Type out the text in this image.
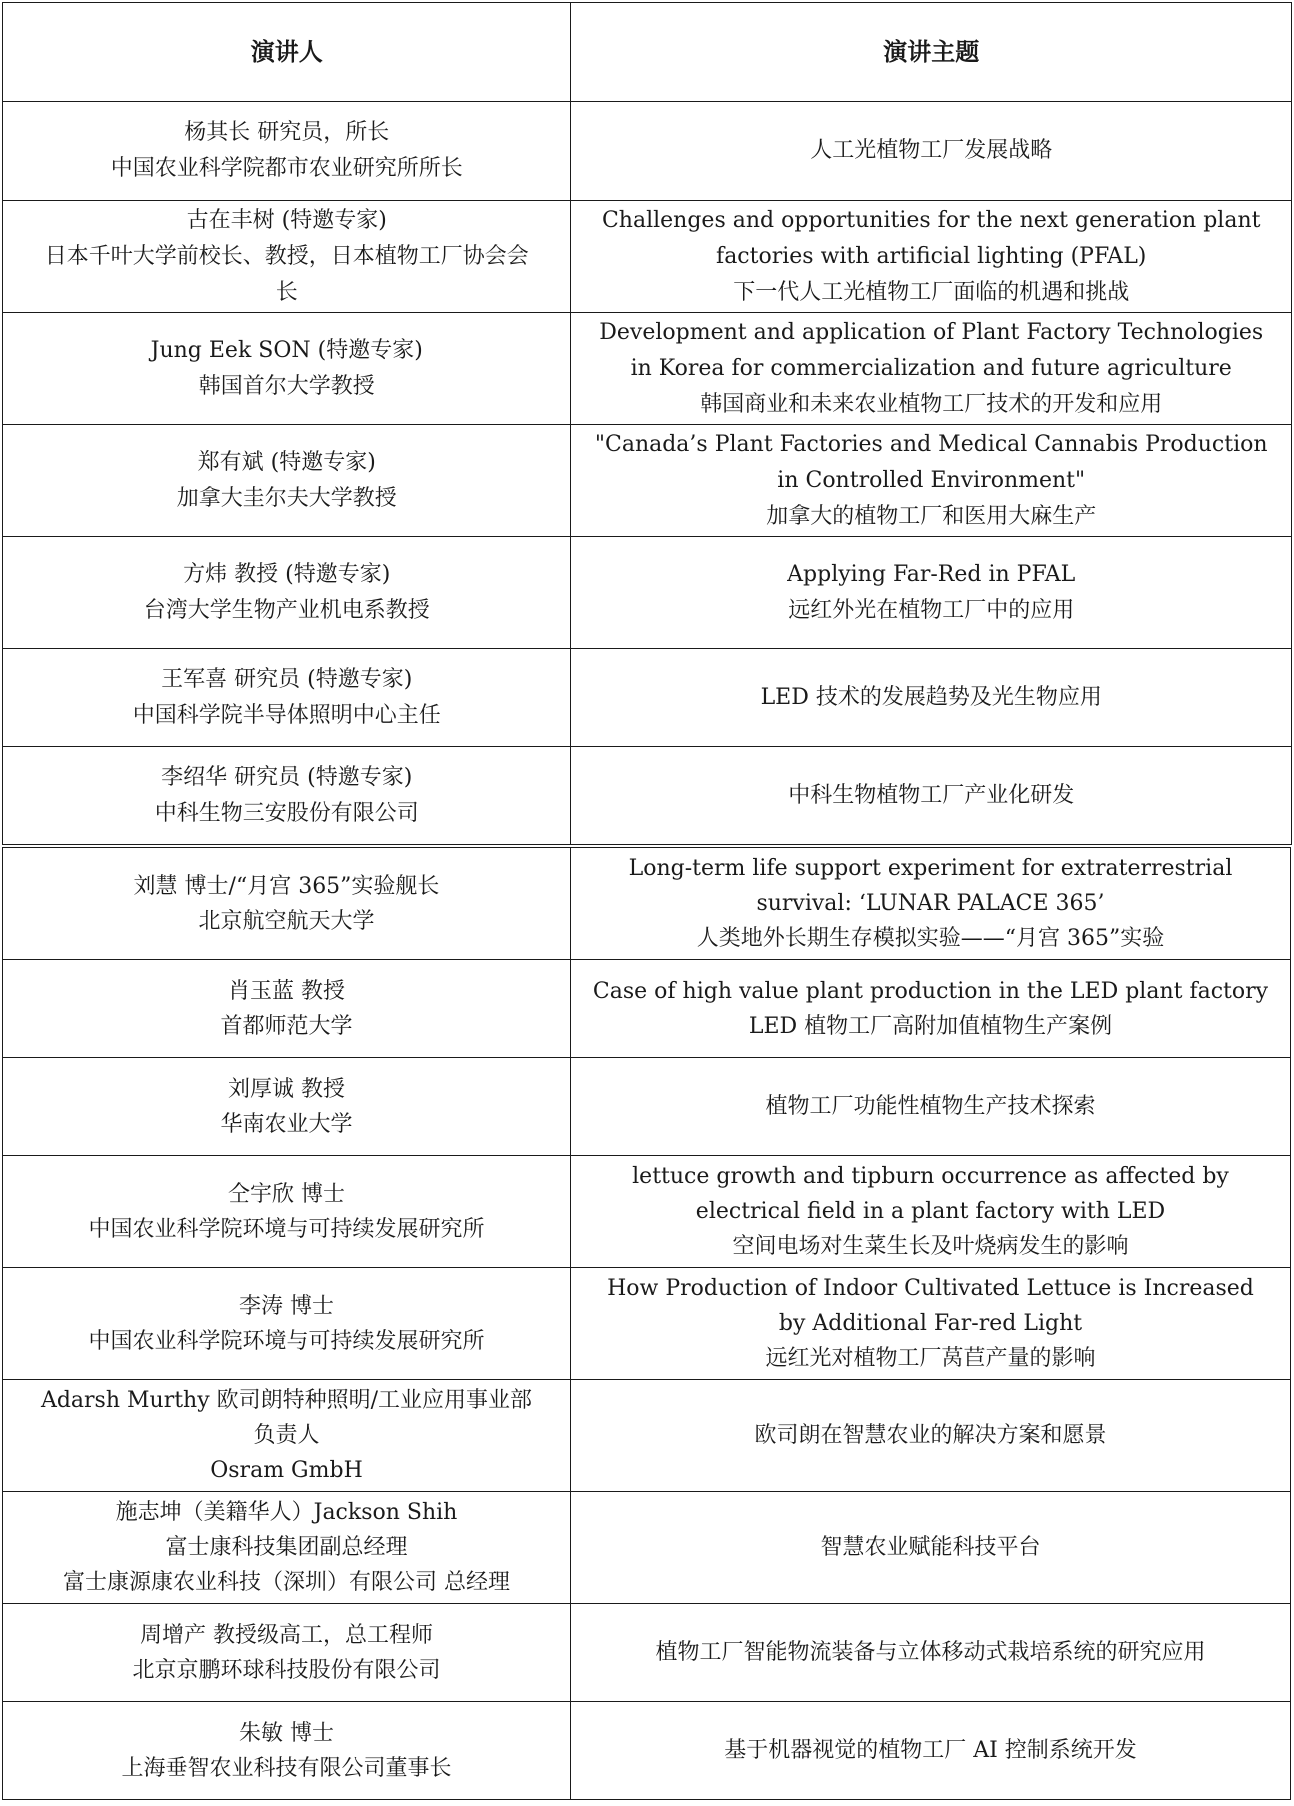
演讲人	演讲主题

杨其长 研究员，所长
中国农业科学院都市农业研究所所长	人工光植物工厂发展战略

古在丰树 (特邀专家)
日本千叶大学前校长、教授，日本植物工厂协会会
长	Challenges and opportunities for the next generation plant
factories with artificial lighting (PFAL)
下一代人工光植物工厂面临的机遇和挑战

Jung Eek SON (特邀专家)
韩国首尔大学教授	Development and application of Plant Factory Technologies
in Korea for commercialization and future agriculture
韩国商业和未来农业植物工厂技术的开发和应用

郑有斌 (特邀专家)
加拿大圭尔夫大学教授	"Canada’s Plant Factories and Medical Cannabis Production
in Controlled Environment"
加拿大的植物工厂和医用大麻生产

方炜 教授 (特邀专家)
台湾大学生物产业机电系教授	Applying Far-Red in PFAL
远红外光在植物工厂中的应用

王军喜 研究员 (特邀专家)
中国科学院半导体照明中心主任	LED 技术的发展趋势及光生物应用

李绍华 研究员 (特邀专家)
中科生物三安股份有限公司	中科生物植物工厂产业化研发
刘慧 博士/“月宫 365”实验舰长
北京航空航天大学	Long-term life support experiment for extraterrestrial
survival: ‘LUNAR PALACE 365’
人类地外长期生存模拟实验——“月宫 365”实验

肖玉蓝 教授
首都师范大学	Case of high value plant production in the LED plant factory
LED 植物工厂高附加值植物生产案例

刘厚诚 教授
华南农业大学	植物工厂功能性植物生产技术探索

仝宇欣 博士
中国农业科学院环境与可持续发展研究所	lettuce growth and tipburn occurrence as affected by
electrical field in a plant factory with LED
空间电场对生菜生长及叶烧病发生的影响

李涛 博士
中国农业科学院环境与可持续发展研究所	How Production of Indoor Cultivated Lettuce is Increased
by Additional Far-red Light
远红光对植物工厂莴苣产量的影响

Adarsh Murthy 欧司朗特种照明/工业应用事业部
负责人
Osram GmbH	欧司朗在智慧农业的解决方案和愿景

施志坤（美籍华人）Jackson Shih
富士康科技集团副总经理
富士康源康农业科技（深圳）有限公司 总经理	智慧农业赋能科技平台

周增产 教授级高工，总工程师
北京京鹏环球科技股份有限公司	植物工厂智能物流装备与立体移动式栽培系统的研究应用

朱敏 博士
上海垂智农业科技有限公司董事长	基于机器视觉的植物工厂 AI 控制系统开发
